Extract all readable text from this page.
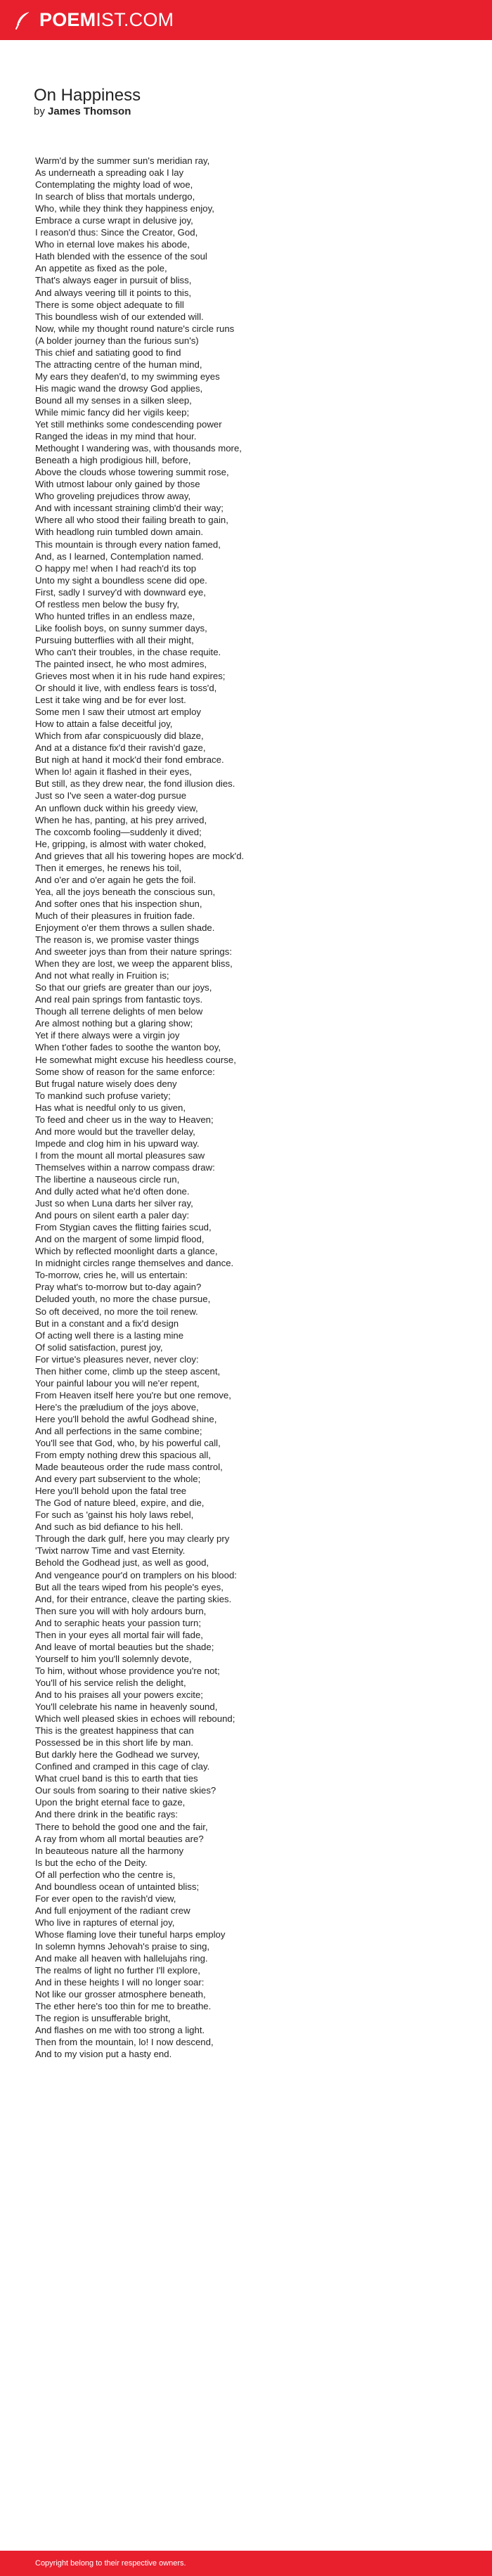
POEMIST.COM
On Happiness
by James Thomson
Warm'd by the summer sun's meridian ray,
As underneath a spreading oak I lay
Contemplating the mighty load of woe,
In search of bliss that mortals undergo,
Who, while they think they happiness enjoy,
Embrace a curse wrapt in delusive joy,
I reason'd thus: Since the Creator, God,
Who in eternal love makes his abode,
Hath blended with the essence of the soul
An appetite as fixed as the pole,
That's always eager in pursuit of bliss,
And always veering till it points to this,
There is some object adequate to fill
This boundless wish of our extended will.
Now, while my thought round nature's circle runs
(A bolder journey than the furious sun's)
This chief and satiating good to find
The attracting centre of the human mind,
My ears they deafen'd, to my swimming eyes
His magic wand the drowsy God applies,
Bound all my senses in a silken sleep,
While mimic fancy did her vigils keep;
Yet still methinks some condescending power
Ranged the ideas in my mind that hour.
Methought I wandering was, with thousands more,
Beneath a high prodigious hill, before,
Above the clouds whose towering summit rose,
With utmost labour only gained by those
Who groveling prejudices throw away,
And with incessant straining climb'd their way;
Where all who stood their failing breath to gain,
With headlong ruin tumbled down amain.
This mountain is through every nation famed,
And, as I learned, Contemplation named.
O happy me! when I had reach'd its top
Unto my sight a boundless scene did ope.
First, sadly I survey'd with downward eye,
Of restless men below the busy fry,
Who hunted trifles in an endless maze,
Like foolish boys, on sunny summer days,
Pursuing butterflies with all their might,
Who can't their troubles, in the chase requite.
The painted insect, he who most admires,
Grieves most when it in his rude hand expires;
Or should it live, with endless fears is toss'd,
Lest it take wing and be for ever lost.
Some men I saw their utmost art employ
How to attain a false deceitful joy,
Which from afar conspicuously did blaze,
And at a distance fix'd their ravish'd gaze,
But nigh at hand it mock'd their fond embrace.
When lo! again it flashed in their eyes,
But still, as they drew near, the fond illusion dies.
Just so I've seen a water-dog pursue
An unflown duck within his greedy view,
When he has, panting, at his prey arrived,
The coxcomb fooling—suddenly it dived;
He, gripping, is almost with water choked,
And grieves that all his towering hopes are mock'd.
Then it emerges, he renews his toil,
And o'er and o'er again he gets the foil.
Yea, all the joys beneath the conscious sun,
And softer ones that his inspection shun,
Much of their pleasures in fruition fade.
Enjoyment o'er them throws a sullen shade.
The reason is, we promise vaster things
And sweeter joys than from their nature springs:
When they are lost, we weep the apparent bliss,
And not what really in Fruition is;
So that our griefs are greater than our joys,
And real pain springs from fantastic toys.
Though all terrene delights of men below
Are almost nothing but a glaring show;
Yet if there always were a virgin joy
When t'other fades to soothe the wanton boy,
He somewhat might excuse his heedless course,
Some show of reason for the same enforce:
But frugal nature wisely does deny
To mankind such profuse variety;
Has what is needful only to us given,
To feed and cheer us in the way to Heaven;
And more would but the traveller delay,
Impede and clog him in his upward way.
I from the mount all mortal pleasures saw
Themselves within a narrow compass draw:
The libertine a nauseous circle run,
And dully acted what he'd often done.
Just so when Luna darts her silver ray,
And pours on silent earth a paler day:
From Stygian caves the flitting fairies scud,
And on the margent of some limpid flood,
Which by reflected moonlight darts a glance,
In midnight circles range themselves and dance.
To-morrow, cries he, will us entertain:
Pray what's to-morrow but to-day again?
Deluded youth, no more the chase pursue,
So oft deceived, no more the toil renew.
But in a constant and a fix'd design
Of acting well there is a lasting mine
Of solid satisfaction, purest joy,
For virtue's pleasures never, never cloy:
Then hither come, climb up the steep ascent,
Your painful labour you will ne'er repent,
From Heaven itself here you're but one remove,
Here's the præludium of the joys above,
Here you'll behold the awful Godhead shine,
And all perfections in the same combine;
You'll see that God, who, by his powerful call,
From empty nothing drew this spacious all,
Made beauteous order the rude mass control,
And every part subservient to the whole;
Here you'll behold upon the fatal tree
The God of nature bleed, expire, and die,
For such as 'gainst his holy laws rebel,
And such as bid defiance to his hell.
Through the dark gulf, here you may clearly pry
'Twixt narrow Time and vast Eternity.
Behold the Godhead just, as well as good,
And vengeance pour'd on tramplers on his blood:
But all the tears wiped from his people's eyes,
And, for their entrance, cleave the parting skies.
Then sure you will with holy ardours burn,
And to seraphic heats your passion turn;
Then in your eyes all mortal fair will fade,
And leave of mortal beauties but the shade;
Yourself to him you'll solemnly devote,
To him, without whose providence you're not;
You'll of his service relish the delight,
And to his praises all your powers excite;
You'll celebrate his name in heavenly sound,
Which well pleased skies in echoes will rebound;
This is the greatest happiness that can
Possessed be in this short life by man.
But darkly here the Godhead we survey,
Confined and cramped in this cage of clay.
What cruel band is this to earth that ties
Our souls from soaring to their native skies?
Upon the bright eternal face to gaze,
And there drink in the beatific rays:
There to behold the good one and the fair,
A ray from whom all mortal beauties are?
In beauteous nature all the harmony
Is but the echo of the Deity.
Of all perfection who the centre is,
And boundless ocean of untainted bliss;
For ever open to the ravish'd view,
And full enjoyment of the radiant crew
Who live in raptures of eternal joy,
Whose flaming love their tuneful harps employ
In solemn hymns Jehovah's praise to sing,
And make all heaven with hallelujahs ring.
The realms of light no further I'll explore,
And in these heights I will no longer soar:
Not like our grosser atmosphere beneath,
The ether here's too thin for me to breathe.
The region is unsufferable bright,
And flashes on me with too strong a light.
Then from the mountain, lo! I now descend,
And to my vision put a hasty end.
Copyright belong to their respective owners.
